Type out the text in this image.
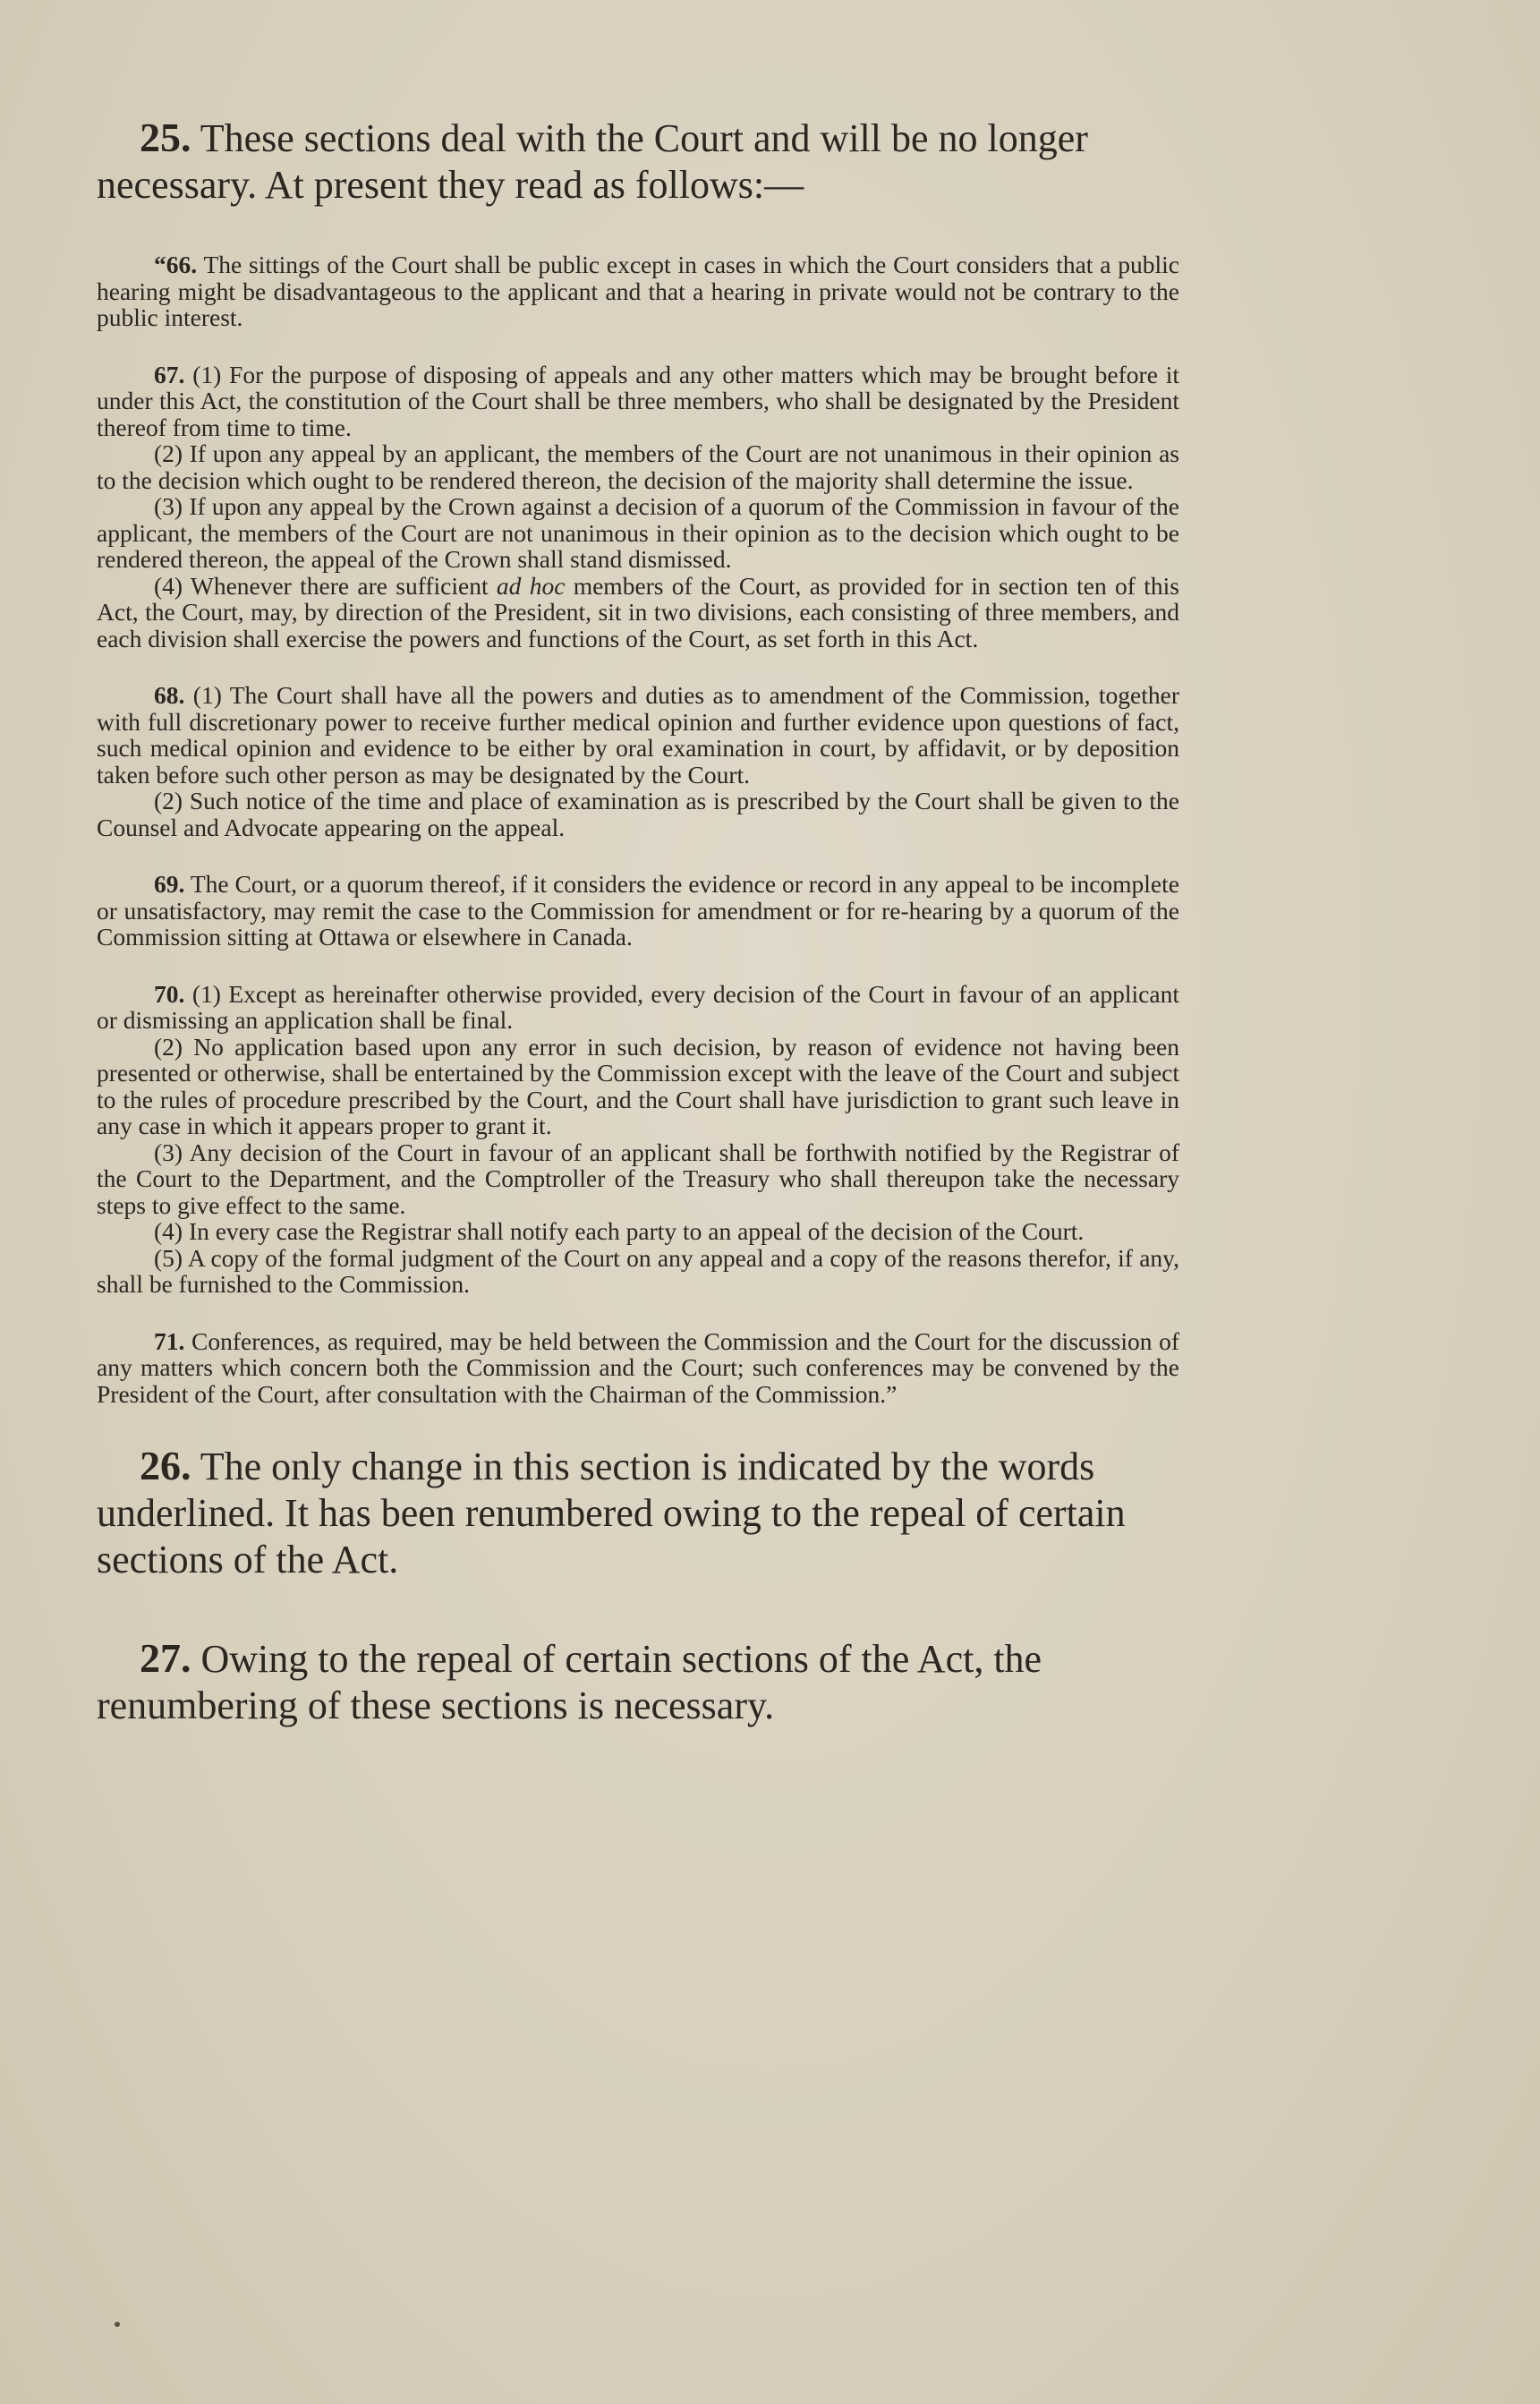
25. These sections deal with the Court and will be no longer necessary. At present they read as follows:—

“66. The sittings of the Court shall be public except in cases in which the Court considers that a public hearing might be disadvantageous to the applicant and that a hearing in private would not be contrary to the public interest.

67. (1) For the purpose of disposing of appeals and any other matters which may be brought before it under this Act, the constitution of the Court shall be three members, who shall be designated by the President thereof from time to time.

(2) If upon any appeal by an applicant, the members of the Court are not unanimous in their opinion as to the decision which ought to be rendered thereon, the decision of the majority shall determine the issue.

(3) If upon any appeal by the Crown against a decision of a quorum of the Commission in favour of the applicant, the members of the Court are not unanimous in their opinion as to the decision which ought to be rendered thereon, the appeal of the Crown shall stand dismissed.

(4) Whenever there are sufficient ad hoc members of the Court, as provided for in section ten of this Act, the Court, may, by direction of the President, sit in two divisions, each consisting of three members, and each division shall exercise the powers and functions of the Court, as set forth in this Act.

68. (1) The Court shall have all the powers and duties as to amendment of the Commission, together with full discretionary power to receive further medical opinion and further evidence upon questions of fact, such medical opinion and evidence to be either by oral examination in court, by affidavit, or by deposition taken before such other person as may be designated by the Court.

(2) Such notice of the time and place of examination as is prescribed by the Court shall be given to the Counsel and Advocate appearing on the appeal.

69. The Court, or a quorum thereof, if it considers the evidence or record in any appeal to be incomplete or unsatisfactory, may remit the case to the Commission for amendment or for re-hearing by a quorum of the Commission sitting at Ottawa or elsewhere in Canada.

70. (1) Except as hereinafter otherwise provided, every decision of the Court in favour of an applicant or dismissing an application shall be final.

(2) No application based upon any error in such decision, by reason of evidence not having been presented or otherwise, shall be entertained by the Commission except with the leave of the Court and subject to the rules of procedure prescribed by the Court, and the Court shall have jurisdiction to grant such leave in any case in which it appears proper to grant it.

(3) Any decision of the Court in favour of an applicant shall be forthwith notified by the Registrar of the Court to the Department, and the Comptroller of the Treasury who shall thereupon take the necessary steps to give effect to the same.

(4) In every case the Registrar shall notify each party to an appeal of the decision of the Court.

(5) A copy of the formal judgment of the Court on any appeal and a copy of the reasons therefor, if any, shall be furnished to the Commission.

71. Conferences, as required, may be held between the Commission and the Court for the discussion of any matters which concern both the Commission and the Court; such conferences may be convened by the President of the Court, after consultation with the Chairman of the Commission.”

26. The only change in this section is indicated by the words underlined. It has been renumbered owing to the repeal of certain sections of the Act.

27. Owing to the repeal of certain sections of the Act, the renumbering of these sections is necessary.
